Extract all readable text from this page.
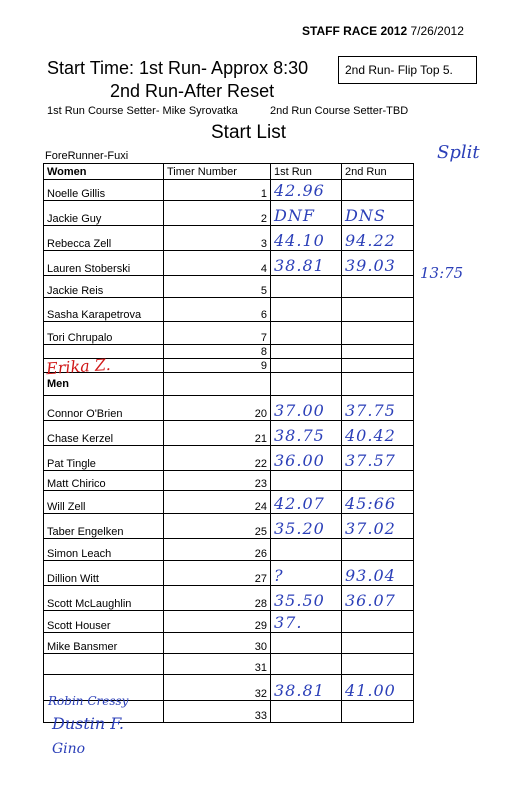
STAFF RACE 2012 7/26/2012
Start Time: 1st Run- Approx 8:30
2nd Run-After Reset
2nd Run- Flip Top 5.
1st Run Course Setter- Mike Syrovatka	2nd Run Course Setter-TBD
Start List
ForeRunner-Fuxi	Split
13:75
Women	Timer Number	1st Run	2nd Run
Noelle Gillis	1	42.96	
Jackie Guy	2	DNF	DNS
Rebecca Zell	3	44.10	94.22
Lauren Stoberski	4	38.81	39.03
Jackie Reis	5		
Sasha Karapetrova	6		
Tori Chrupalo	7		
	8		
	9		
Men			
Connor O'Brien	20	37.00	37.75
Chase Kerzel	21	38.75	40.42
Pat Tingle	22	36.00	37.57
Matt Chirico	23		
Will Zell	24	42.07	45:66
Taber Engelken	25	35.20	37.02
Simon Leach	26		
Dillion Witt	27	?	93.04
Scott McLaughlin	28	35.50	36.07
Scott Houser	29	37.	
Mike Bansmer	30		
	31		
	32	38.81	41.00
	33		
Erika Z.
Robin Cressy
Dustin F.
Gino
